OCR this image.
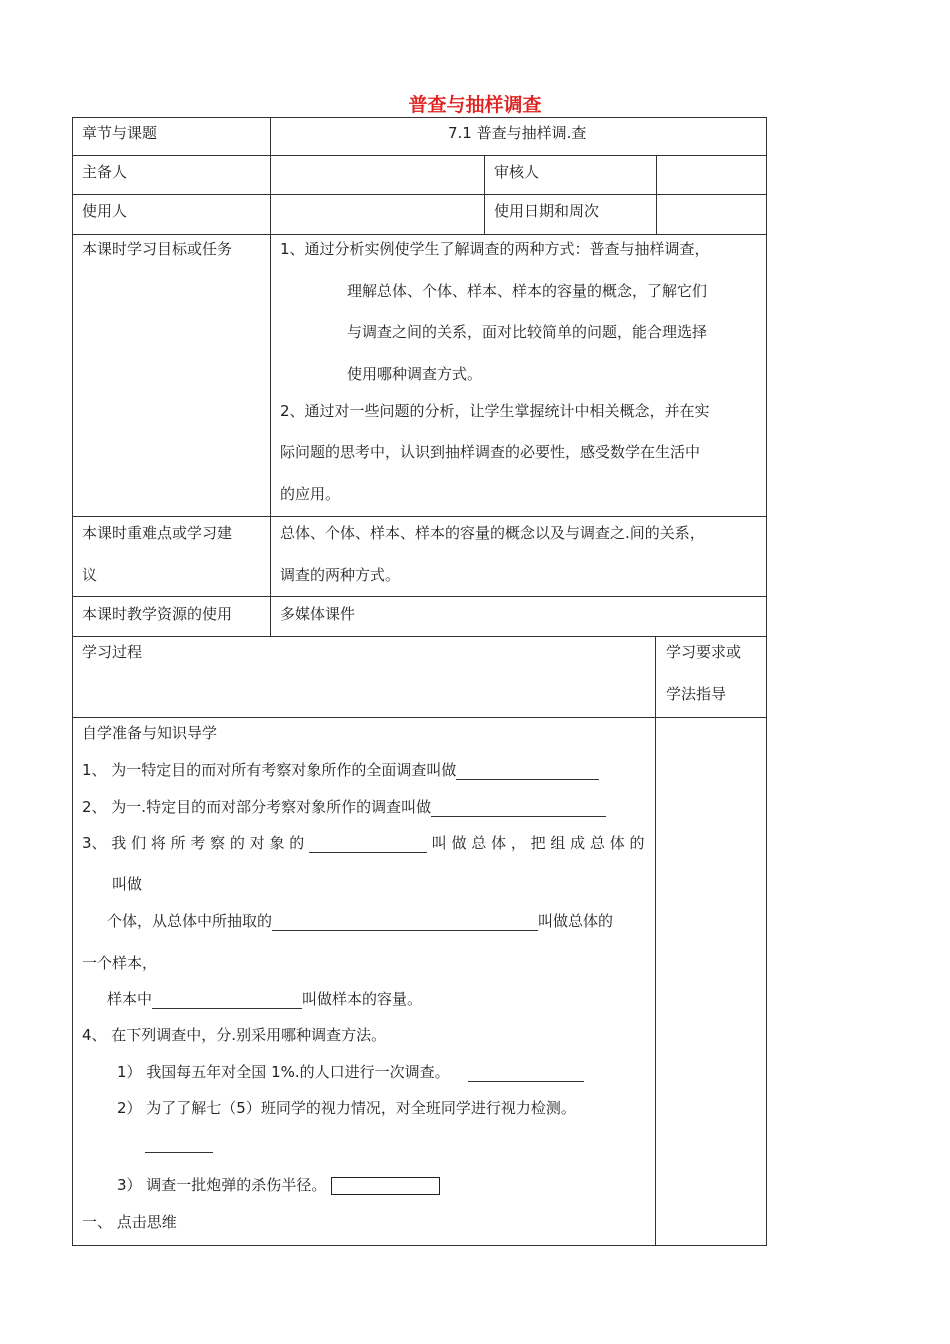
普查与抽样调查
章节与课题	7.1 普查与抽样调.查
主备人	审核人
使用人	使用日期和周次
本课时学习目标或任务	1、通过分析实例使学生了解调查的两种方式：普查与抽样调查，
理解总体、个体、样本、样本的容量的概念，了解它们
与调查之间的关系，面对比较简单的问题，能合理选择
使用哪种调查方式。
2、通过对一些问题的分析，让学生掌握统计中相关概念，并在实
际问题的思考中，认识到抽样调查的必要性，感受数学在生活中
的应用。
本课时重难点或学习建
议
总体、个体、样本、样本的容量的概念以及与调查之.间的关系，
调查的两种方式。
本课时教学资源的使用	多媒体课件
学习过程	学习要求或
学法指导
自学准备与知识导学
1、 为一特定目的而对所有考察对象所作的全面调查叫做
2、 为一.特定目的而对部分考察对象所作的调查叫做
3、 我 们 将 所 考 察 的 对 象 的	叫 做 总 体 ， 把 组 成 总 体 的
叫做
个体，从总体中所抽取的	叫做总体的
一个样本，
样本中	叫做样本的容量。
4、 在下列调查中，分.别采用哪种调查方法。
1） 我国每五年对全国 1%.的人口进行一次调查。
2） 为了了解七（5）班同学的视力情况，对全班同学进行视力检测。
3） 调查一批炮弹的杀伤半径。
一、 点击思维
